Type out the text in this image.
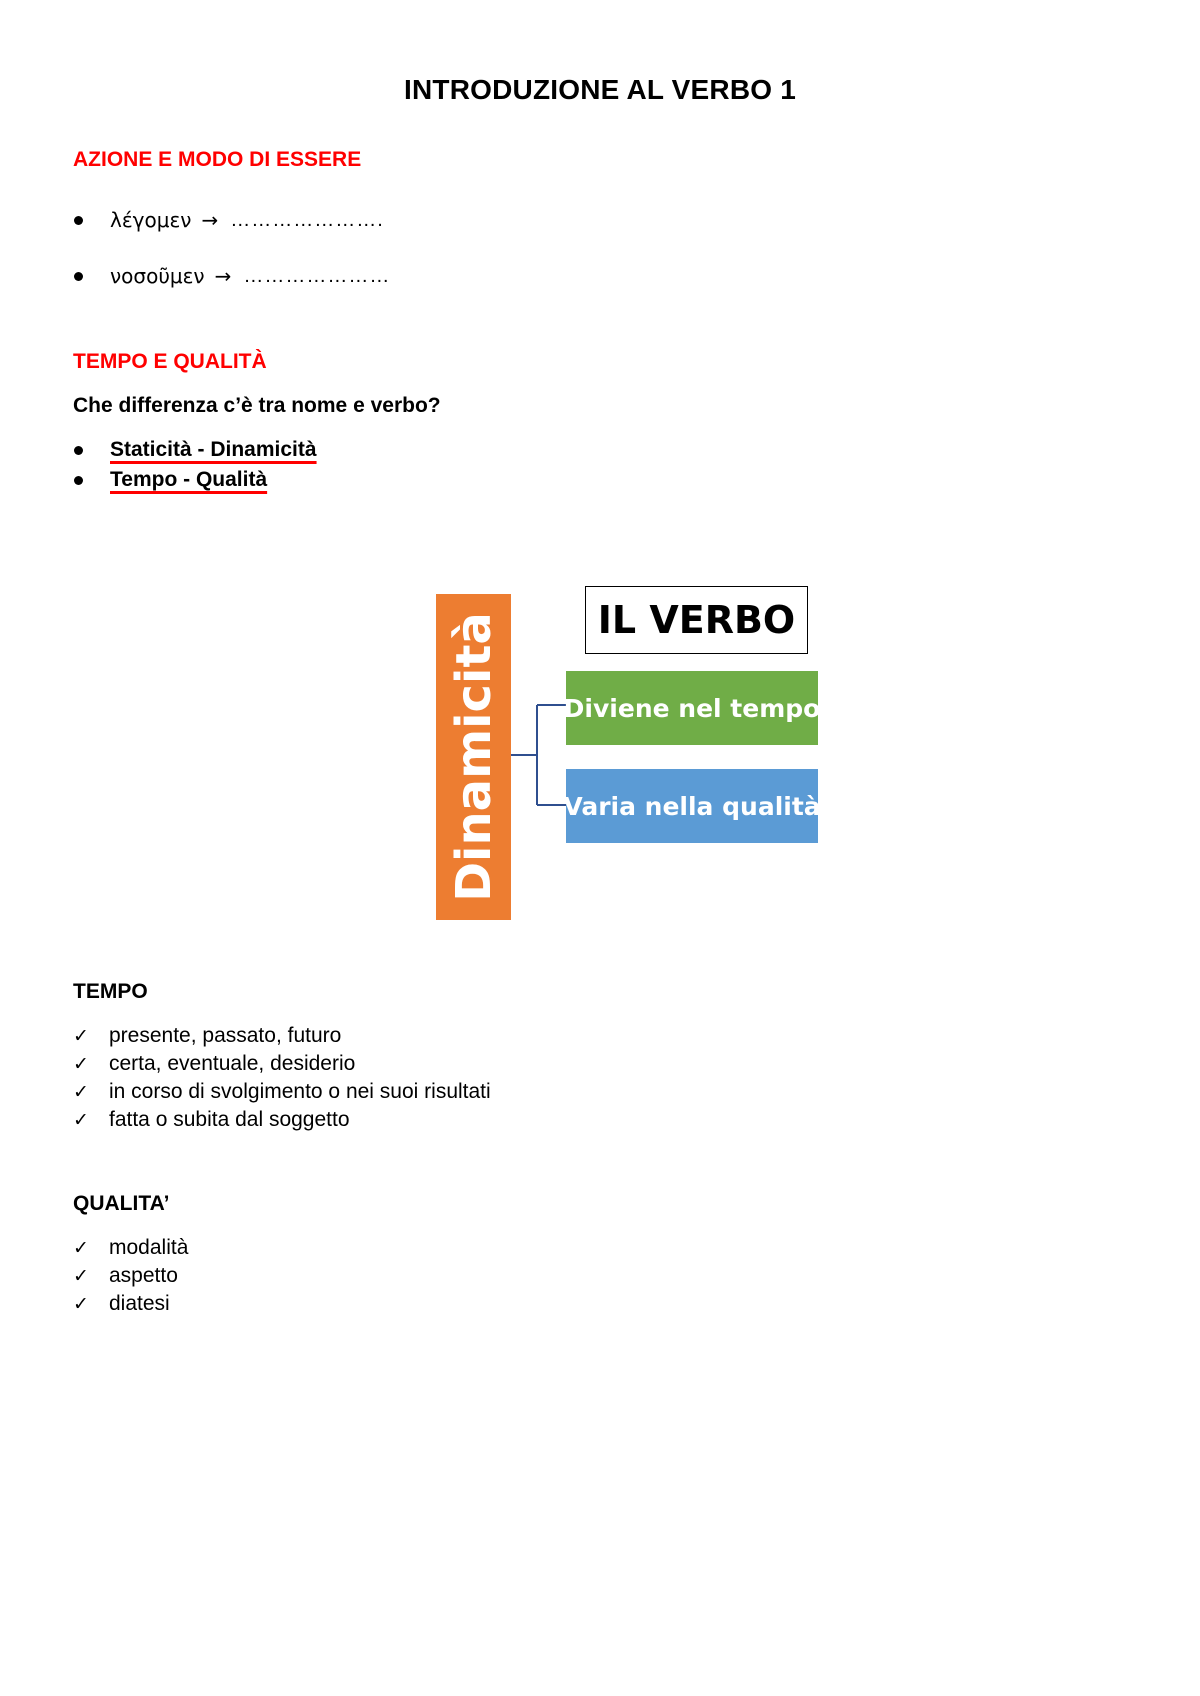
INTRODUZIONE AL VERBO 1
AZIONE E MODO DI ESSERE
λέγομεν → ………………….
νοσοῦμεν → …………………
TEMPO E QUALITÀ
Che differenza c’è tra nome e verbo?
Staticità - Dinamicità
Tempo - Qualità
Dinamicità	IL VERBO
Diviene nel tempo
Varia nella qualità
TEMPO
✓ presente, passato, futuro
✓ certa, eventuale, desiderio
✓ in corso di svolgimento o nei suoi risultati
✓ fatta o subita dal soggetto
QUALITA’
✓ modalità
✓ aspetto
✓ diatesi
